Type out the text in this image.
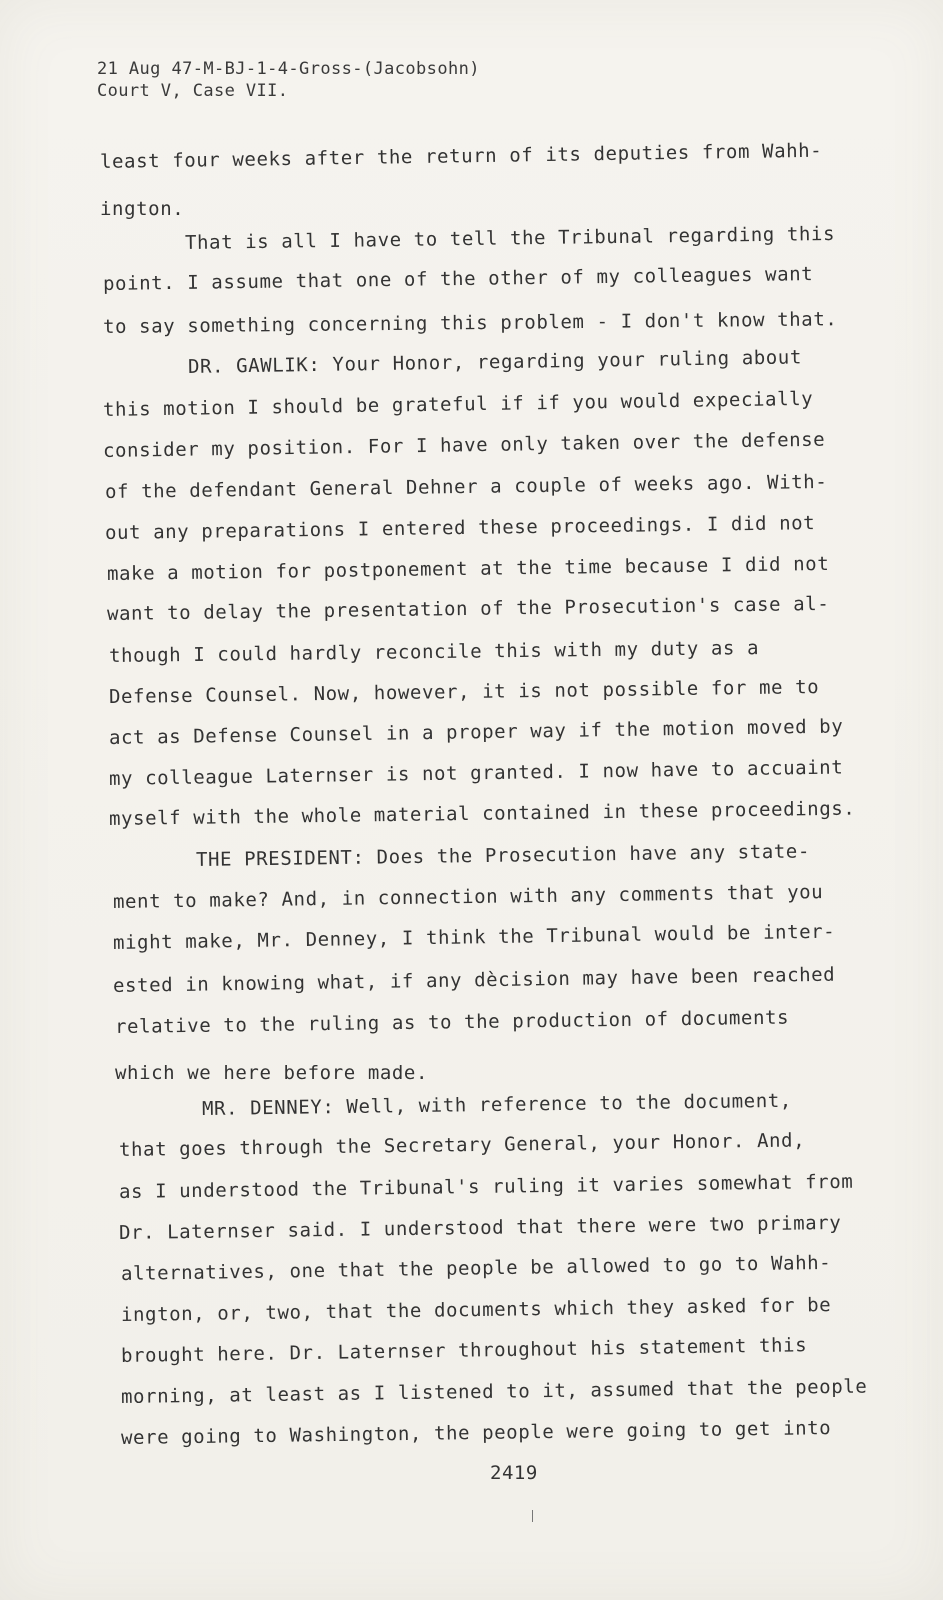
21 Aug 47-M-BJ-1-4-Gross-(Jacobsohn)
Court V, Case VII.
least four weeks after the return of its deputies from Wahh-
ington.
That is all I have to tell the Tribunal regarding this
point. I assume that one of the other of my colleagues want
to say something concerning this problem - I don't know that.
DR. GAWLIK: Your Honor, regarding your ruling about
this motion I should be grateful if if you would expecially
consider my position. For I have only taken over the defense
of the defendant General Dehner a couple of weeks ago. With-
out any preparations I entered these proceedings. I did not
make a motion for postponement at the time because I did not
want to delay the presentation of the Prosecution's case al-
though I could hardly reconcile this with my duty as a
Defense Counsel. Now, however, it is not possible for me to
act as Defense Counsel in a proper way if the motion moved by
my colleague Laternser is not granted. I now have to accuaint
myself with the whole material contained in these proceedings.
THE PRESIDENT: Does the Prosecution have any state-
ment to make? And, in connection with any comments that you
might make, Mr. Denney, I think the Tribunal would be inter-
ested in knowing what, if any dècision may have been reached
relative to the ruling as to the production of documents
which we here before made.
MR. DENNEY: Well, with reference to the document,
that goes through the Secretary General, your Honor. And,
as I understood the Tribunal's ruling it varies somewhat from
Dr. Laternser said. I understood that there were two primary
alternatives, one that the people be allowed to go to Wahh-
ington, or, two, that the documents which they asked for be
brought here. Dr. Laternser throughout his statement this
morning, at least as I listened to it, assumed that the people
were going to Washington, the people were going to get into
2419
